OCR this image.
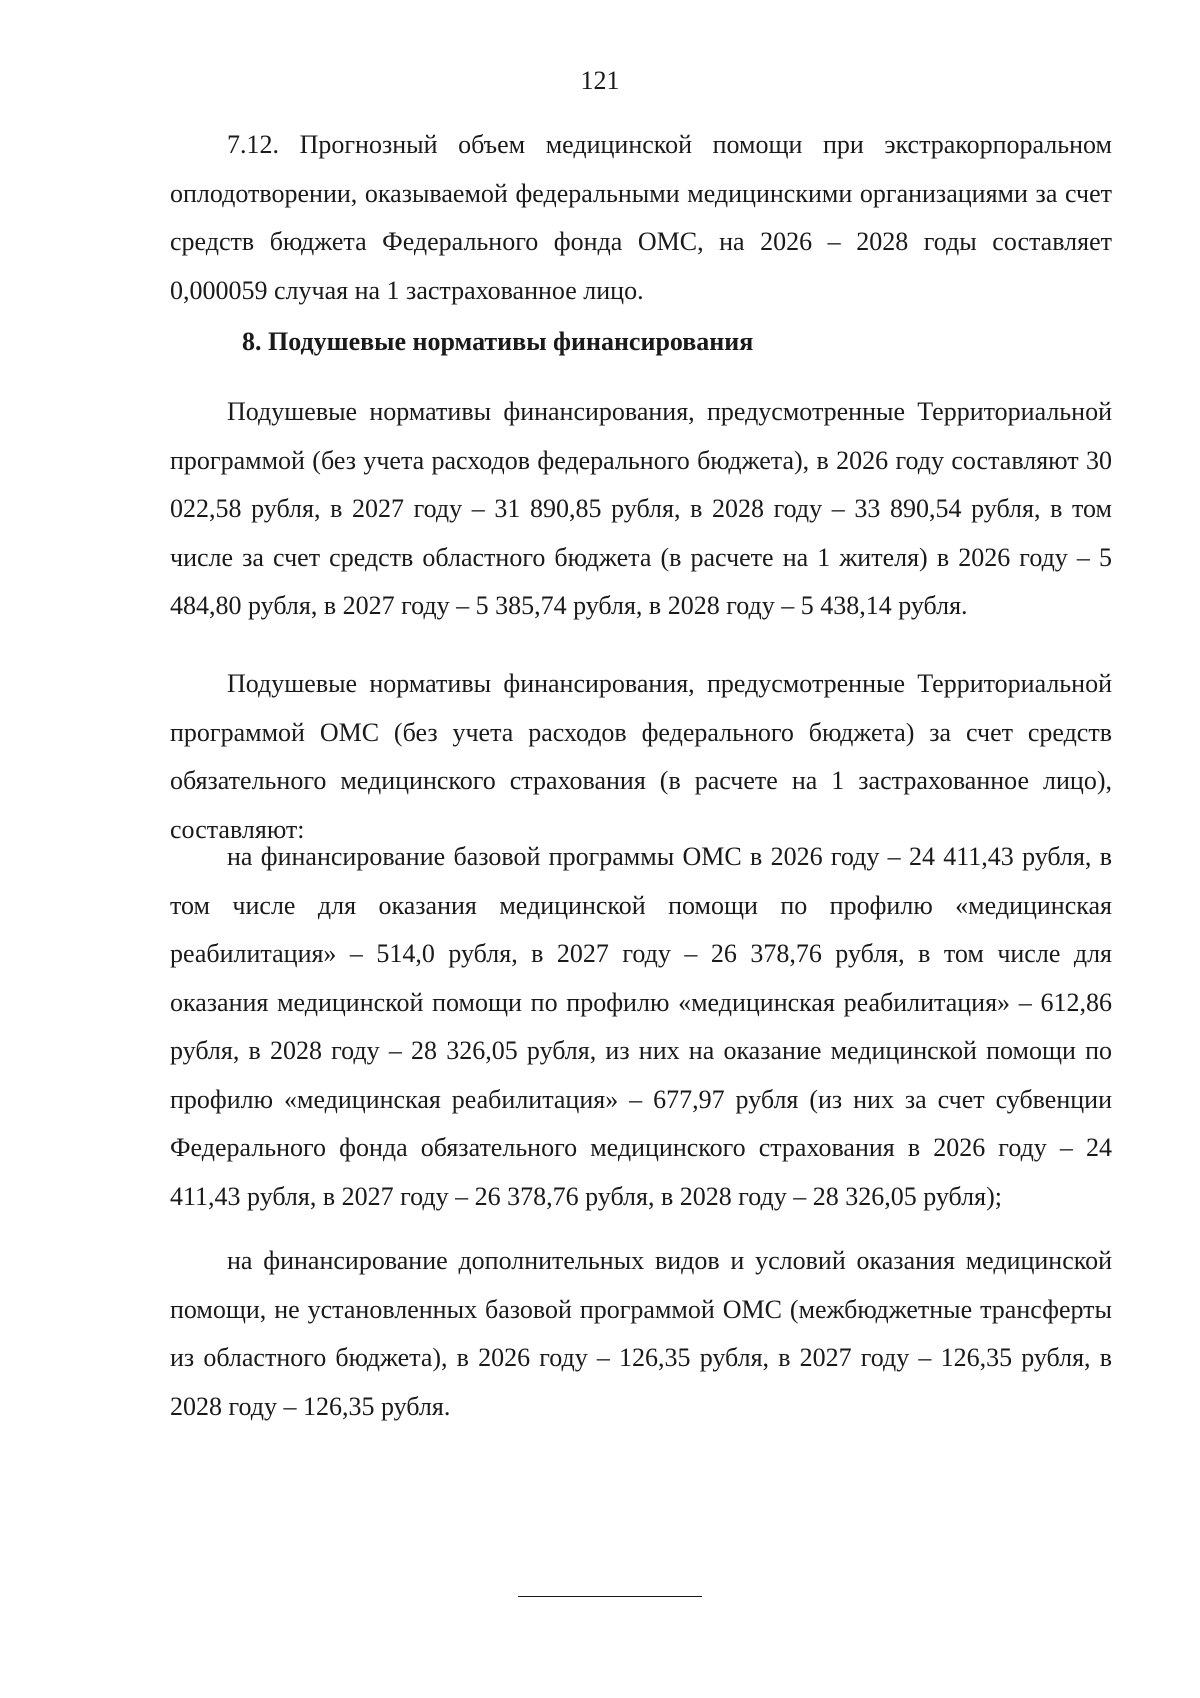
121

7.12. Прогнозный объем медицинской помощи при экстракорпоральном оплодотворении, оказываемой федеральными медицинскими организациями за счет средств бюджета Федерального фонда ОМС, на 2026 – 2028 годы составляет 0,000059 случая на 1 застрахованное лицо.

8. Подушевые нормативы финансирования

Подушевые нормативы финансирования, предусмотренные Территориальной программой (без учета расходов федерального бюджета), в 2026 году составляют 30 022,58 рубля, в 2027 году – 31 890,85 рубля, в 2028 году – 33 890,54 рубля, в том числе за счет средств областного бюджета (в расчете на 1 жителя) в 2026 году – 5 484,80 рубля, в 2027 году – 5 385,74 рубля, в 2028 году – 5 438,14 рубля.

Подушевые нормативы финансирования, предусмотренные Территориальной программой ОМС (без учета расходов федерального бюджета) за счет средств обязательного медицинского страхования (в расчете на 1 застрахованное лицо), составляют:

на финансирование базовой программы ОМС в 2026 году – 24 411,43 рубля, в том числе для оказания медицинской помощи по профилю «медицинская реабилитация» – 514,0 рубля, в 2027 году – 26 378,76 рубля, в том числе для оказания медицинской помощи по профилю «медицинская реабилитация» – 612,86 рубля, в 2028 году – 28 326,05 рубля, из них на оказание медицинской помощи по профилю «медицинская реабилитация» – 677,97 рубля (из них за счет субвенции Федерального фонда обязательного медицинского страхования в 2026 году – 24 411,43 рубля, в 2027 году – 26 378,76 рубля, в 2028 году – 28 326,05 рубля);

на финансирование дополнительных видов и условий оказания медицинской помощи, не установленных базовой программой ОМС (межбюджетные трансферты из областного бюджета), в 2026 году – 126,35 рубля, в 2027 году – 126,35 рубля, в 2028 году – 126,35 рубля.
